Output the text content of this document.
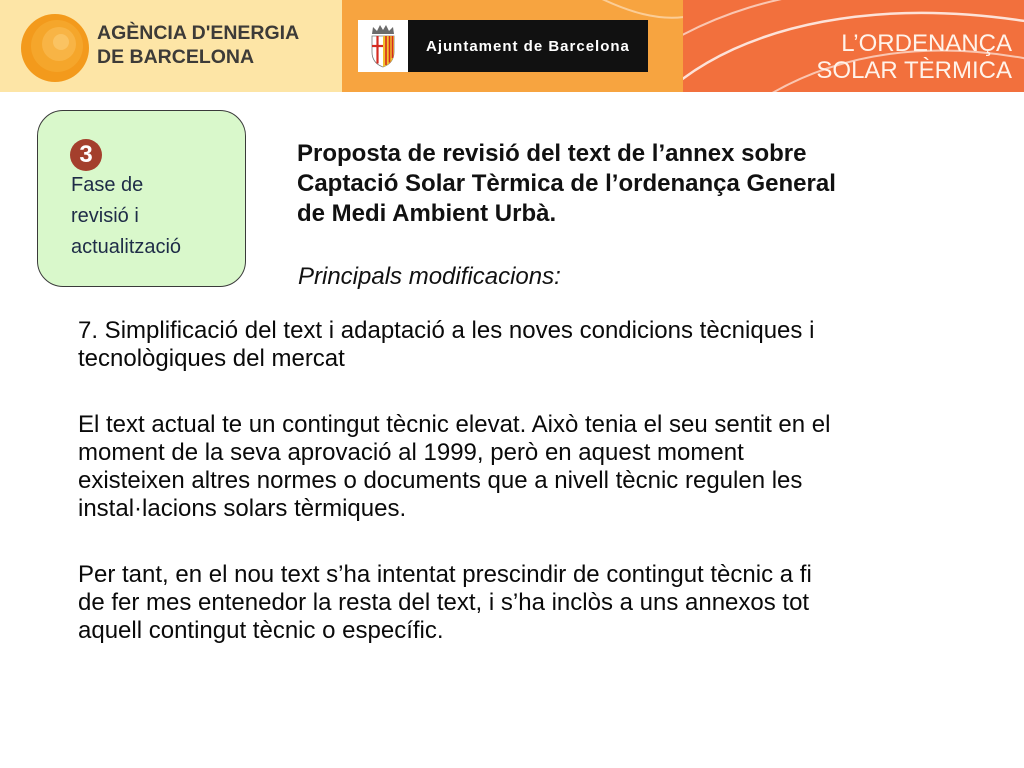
AGÈNCIA D'ENERGIA
DE BARCELONA	Ajuntament de Barcelona	L’ORDENANÇA
SOLAR TÈRMICA
3
Fase de
revisió i
actualització
Proposta de revisió del text de l’annex sobre
Captació Solar Tèrmica de l’ordenança General
de Medi Ambient Urbà.
Principals modificacions:
7. Simplificació del text i adaptació a les noves condicions tècniques i
tecnològiques del mercat
El text actual te un contingut tècnic elevat. Això tenia el seu sentit en el
moment de la seva aprovació al 1999, però en aquest moment
existeixen altres normes o documents que a nivell tècnic regulen les
instal·lacions solars tèrmiques.
Per tant, en el nou text s’ha intentat prescindir de contingut tècnic a fi
de fer mes entenedor la resta del text, i s’ha inclòs a uns annexos tot
aquell contingut tècnic o específic.
